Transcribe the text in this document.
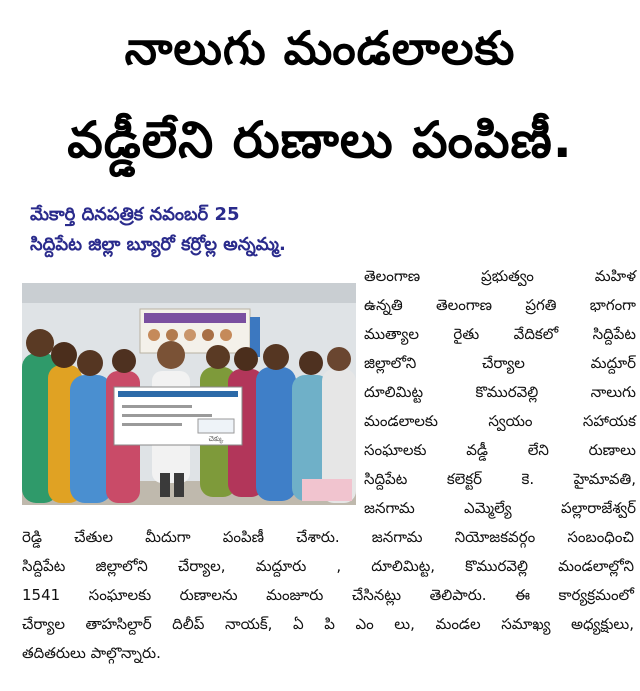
నాలుగు మండలాలకు
వడ్డీలేని రుణాలు పంపిణీ.
మేకార్తి దినపత్రిక నవంబర్ 25
సిద్దిపేట జిల్లా బ్యూరో కర్రోల్ల అన్నమ్మ.
చెక్కు
తెలంగాణ ప్రభుత్వం మహిళ
ఉన్నతి తెలంగాణ ప్రగతి భాగంగా
ముత్యాల రైతు వేదికలో సిద్దిపేట
జిల్లాలోని చేర్యాల మద్దూర్
దూలిమిట్ట కొమురవెల్లి నాలుగు
మండలాలకు స్వయం సహాయక
సంఘాలకు వడ్డీ లేని రుణాలు
సిద్దిపేట కలెక్టర్ కె. హైమావతి,
జనగామ ఎమ్మెల్యే పల్లారాజేశ్వర్
రెడ్డి చేతుల మీదుగా పంపిణీ చేశారు. జనగామ నియోజకవర్గం సంబంధించి
సిద్దిపేట జిల్లాలోని చేర్యాల, మద్దూరు , దూలిమిట్ట, కొమురవెల్లి మండలాల్లోని
1541 సంఘాలకు రుణాలను మంజూరు చేసినట్లు తెలిపారు. ఈ కార్యక్రమంలో
చేర్యాల తాహసిల్దార్ దిలీప్ నాయక్, ఏ పి ఎం లు, మండల సమాఖ్య అధ్యక్షులు,
తదితరులు పాల్గొన్నారు.
